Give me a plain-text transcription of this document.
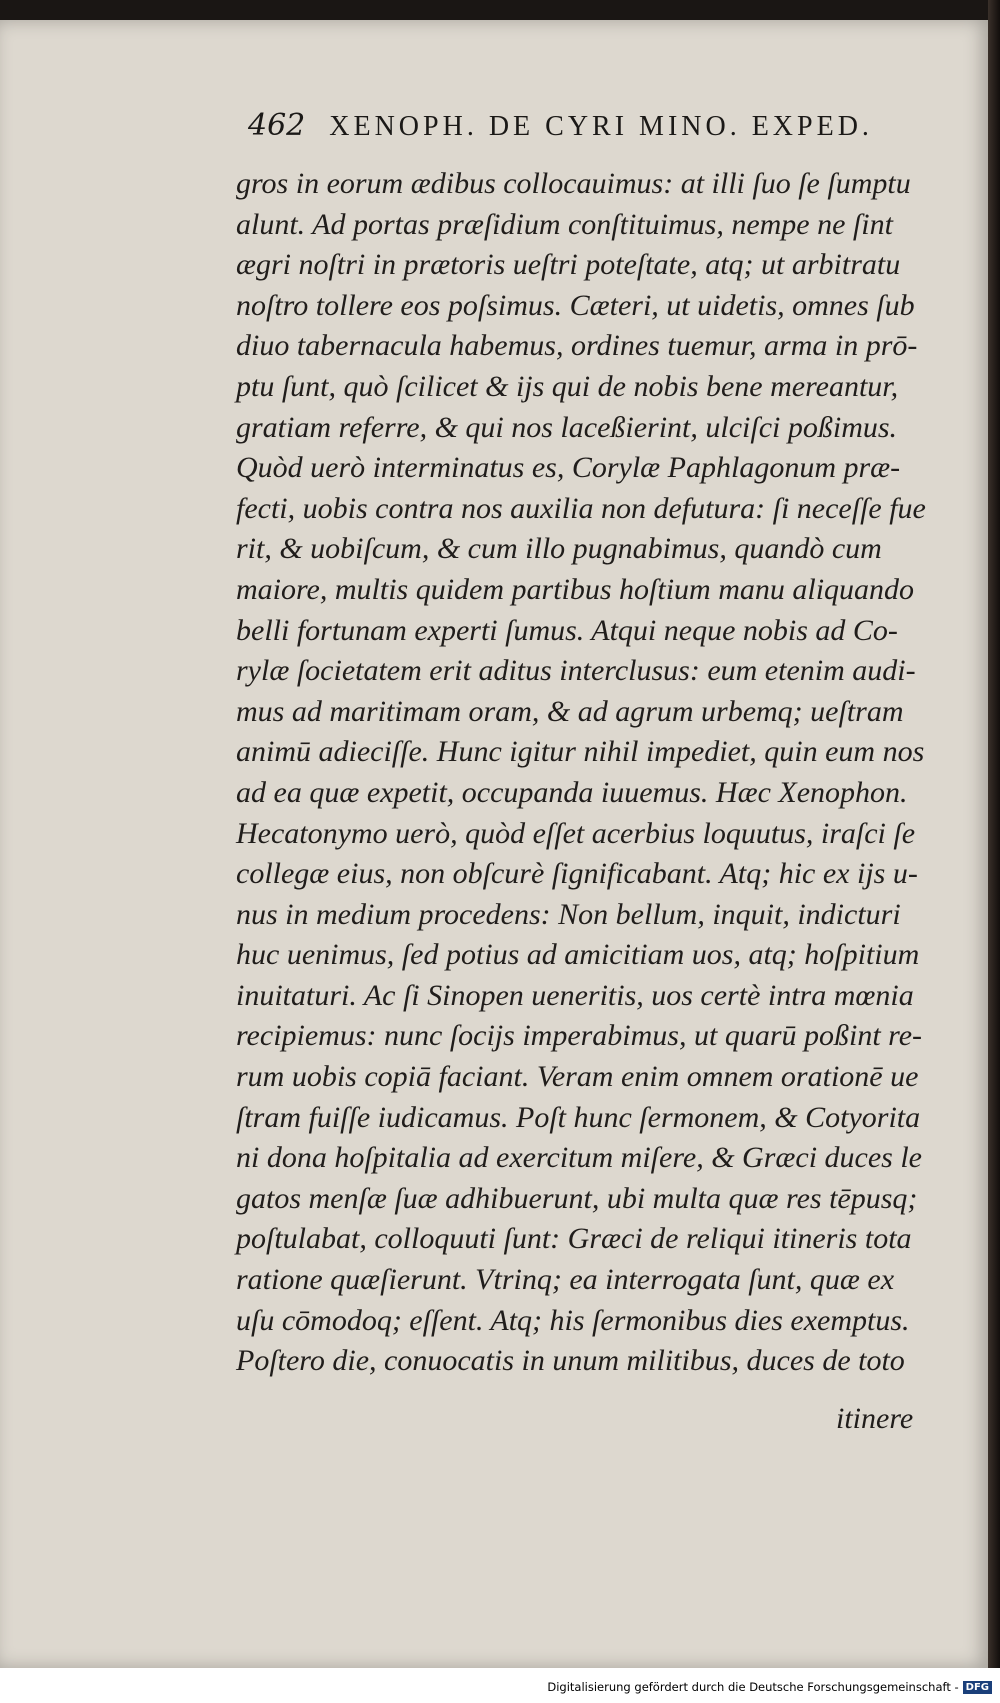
462 XENOPH. DE CYRI MINO. EXPED.
gros in eorum ædibus collocauimus: at illi ſuo ſe ſumptu
alunt. Ad portas præſidium conſtituimus, nempe ne ſint
ægri noſtri in prætoris ueſtri poteſtate, atq; ut arbitratu
noſtro tollere eos poſsimus. Cæteri, ut uidetis, omnes ſub
diuo tabernacula habemus, ordines tuemur, arma in prō-
ptu ſunt, quò ſcilicet & ijs qui de nobis bene mereantur,
gratiam referre, & qui nos laceßierint, ulciſci poßimus.
Quòd uerò interminatus es, Corylæ Paphlagonum præ-
fecti, uobis contra nos auxilia non defutura: ſi neceſſe fue
rit, & uobiſcum, & cum illo pugnabimus, quandò cum
maiore, multis quidem partibus hoſtium manu aliquando
belli fortunam experti ſumus. Atqui neque nobis ad Co-
rylæ ſocietatem erit aditus interclusus: eum etenim audi-
mus ad maritimam oram, & ad agrum urbemq; ueſtram
animū adieciſſe. Hunc igitur nihil impediet, quin eum nos
ad ea quæ expetit, occupanda iuuemus. Hæc Xenophon.
Hecatonymo uerò, quòd eſſet acerbius loquutus, iraſci ſe
collegæ eius, non obſcurè ſignificabant. Atq; hic ex ijs u-
nus in medium procedens: Non bellum, inquit, indicturi
huc uenimus, ſed potius ad amicitiam uos, atq; hoſpitium
inuitaturi. Ac ſi Sinopen ueneritis, uos certè intra mœnia
recipiemus: nunc ſocijs imperabimus, ut quarū poßint re-
rum uobis copiā faciant. Veram enim omnem orationē ue
ſtram fuiſſe iudicamus. Poſt hunc ſermonem, & Cotyorita
ni dona hoſpitalia ad exercitum miſere, & Græci duces le
gatos menſæ ſuæ adhibuerunt, ubi multa quæ res tēpusq;
poſtulabat, colloquuti ſunt: Græci de reliqui itineris tota
ratione quæſierunt. Vtrinq; ea interrogata ſunt, quæ ex
uſu cōmodoq; eſſent. Atq; his ſermonibus dies exemptus.
Poſtero die, conuocatis in unum militibus, duces de toto
itinere
Digitalisierung gefördert durch die Deutsche Forschungsgemeinschaft - DFG
